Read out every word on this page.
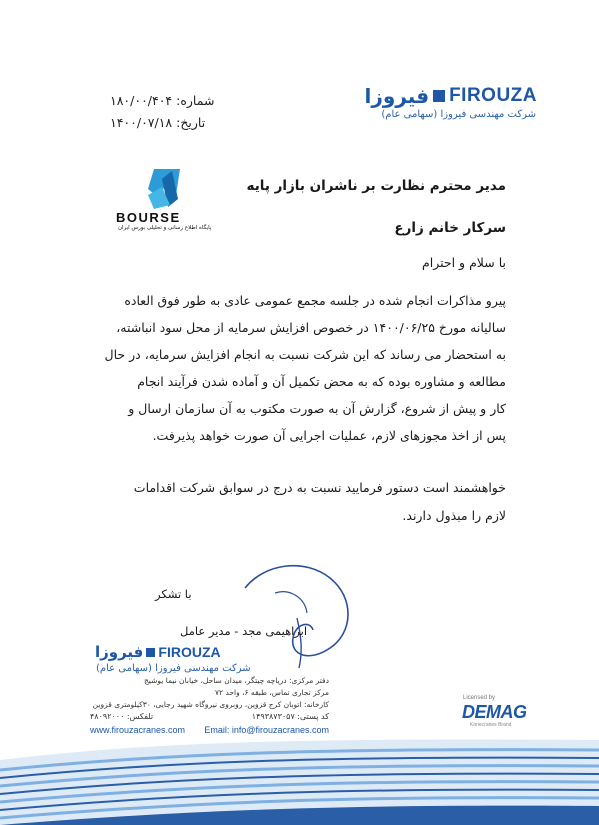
فیروزا FIROUZA
شرکت مهندسی فیروزا (سهامی عام)
شماره: ۱۸۰/۰۰/۴۰۴
تاریخ: ۱۴۰۰/۰۷/۱۸
BOURSE
پایگاه اطلاع رسانی و تحلیلی بورس ایران
مدیر محترم نظارت بر ناشران بازار پایه
سرکار خانم زارع
با سلام و احترام
پیرو مذاکرات انجام شده در جلسه مجمع عمومی عادی به طور فوق العاده
سالیانه مورخ ۱۴۰۰/۰۶/۲۵ در خصوص افزایش سرمایه از محل سود انباشته،
به استحضار می رساند که این شرکت نسبت به انجام افزایش سرمایه، در حال
مطالعه و مشاوره بوده که به محض تکمیل آن و آماده شدن فرآیند انجام
کار و پیش از شروع، گزارش آن به صورت مکتوب به آن سازمان ارسال و
پس از اخذ مجوزهای لازم، عملیات اجرایی آن صورت خواهد پذیرفت.
خواهشمند است دستور فرمایید نسبت به درج در سوابق شرکت اقدامات
لازم را مبذول دارند.
با تشکر
ابراهیمی مجد - مدیر عامل
فیروزا FIROUZA
شرکت مهندسی فیروزا (سهامی عام)
دفتر مرکزی: دریاچه چیتگر، میدان ساحل، خیابان نیما یوشیج
مرکز تجاری تماس، طبقه ۶، واحد ۷۲
کارخانه: اتوبان کرج قزوین، روبروی نیروگاه شهید رجایی، ۳۰کیلومتری قزوین
کد پستی: ۱۴۹۳۸۷۳۰۵۷
تلفکس: ۴۸۰۹۲۰۰۰
www.firouzacranes.com Email: info@firouzacranes.com
Licensed by
DEMAG
Konecranes Brand
